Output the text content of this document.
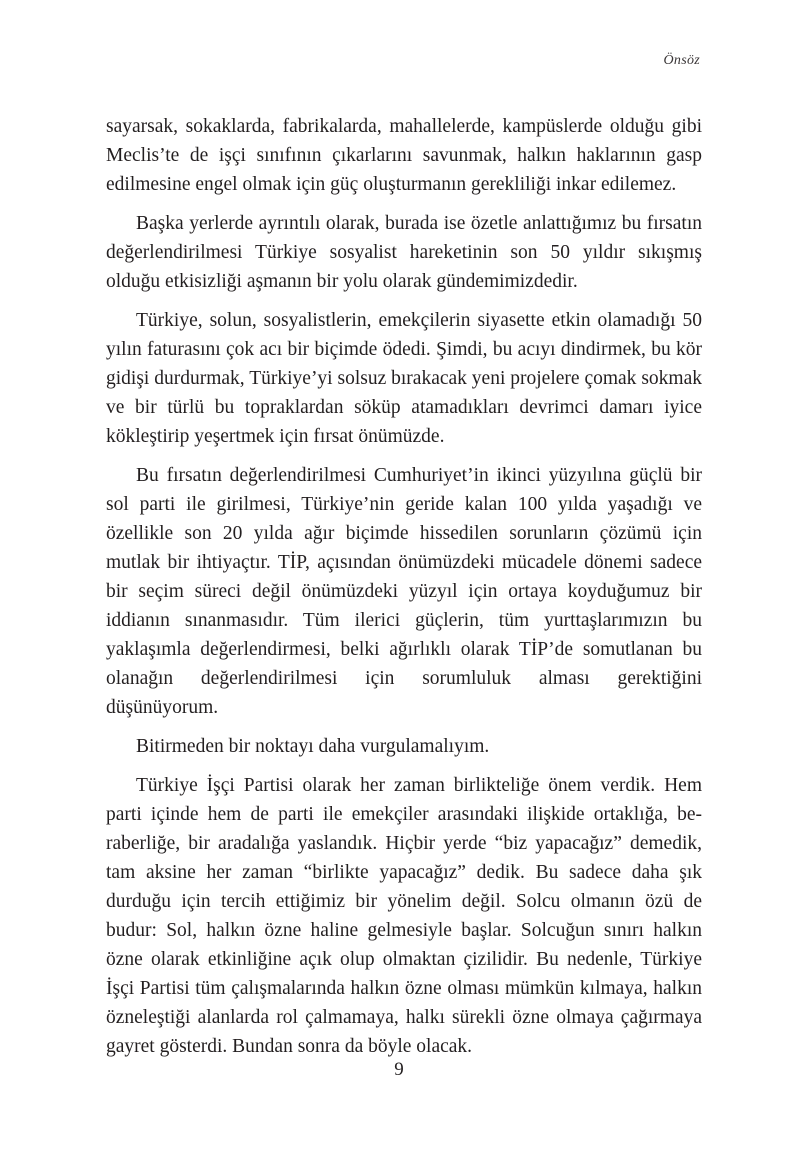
Önsöz

sayarsak, sokaklarda, fabrikalarda, mahallelerde, kampüslerde olduğu gibi Meclis’te de işçi sınıfının çıkarlarını savunmak, halkın haklarının gasp edilmesine engel olmak için güç oluşturmanın gerekliliği inkar edilemez.

Başka yerlerde ayrıntılı olarak, burada ise özetle anlattığımız bu fırsatın değerlendirilmesi Türkiye sosyalist hareketinin son 50 yıldır sıkışmış olduğu etkisizliği aşmanın bir yolu olarak gündemimizdedir.

Türkiye, solun, sosyalistlerin, emekçilerin siyasette etkin olamadığı 50 yılın faturasını çok acı bir biçimde ödedi. Şimdi, bu acıyı dindirmek, bu kör gidişi durdurmak, Türkiye’yi solsuz bırakacak yeni projelere çomak sokmak ve bir türlü bu topraklardan söküp atamadıkları devrimci damarı iyice kökleştirip yeşertmek için fırsat önümüzde.

Bu fırsatın değerlendirilmesi Cumhuriyet’in ikinci yüzyılına güçlü bir sol parti ile girilmesi, Türkiye’nin geride kalan 100 yılda yaşadığı ve özellikle son 20 yılda ağır biçimde hissedilen sorunların çözümü için mutlak bir ihtiyaçtır. TİP, açısından önümüzdeki mücadele dönemi sadece bir seçim süreci değil önümüzdeki yüzyıl için ortaya koyduğumuz bir iddianın sınanmasıdır. Tüm ilerici güçlerin, tüm yurttaşlarımızın bu yaklaşımla değerlendirmesi, belki ağırlıklı olarak TİP’de somutlanan bu olanağın değerlendirilmesi için sorumluluk alması gerektiğini düşünüyorum.

Bitirmeden bir noktayı daha vurgulamalıyım.

Türkiye İşçi Partisi olarak her zaman birlikteliğe önem verdik. Hem parti içinde hem de parti ile emekçiler arasındaki ilişkide ortaklığa, beraberliğe, bir aradalığa yaslandık. Hiçbir yerde “biz yapacağız” demedik, tam aksine her zaman “birlikte yapacağız” dedik. Bu sadece daha şık durduğu için tercih ettiğimiz bir yönelim değil. Solcu olmanın özü de budur: Sol, halkın özne haline gelmesiyle başlar. Solcuğun sınırı halkın özne olarak etkinliğine açık olup olmaktan çizilidir. Bu nedenle, Türkiye İşçi Partisi tüm çalışmalarında halkın özne olması mümkün kılmaya, halkın özneleştiği alanlarda rol çalmamaya, halkı sürekli özne olmaya çağırmaya gayret gösterdi. Bundan sonra da böyle olacak.

9
